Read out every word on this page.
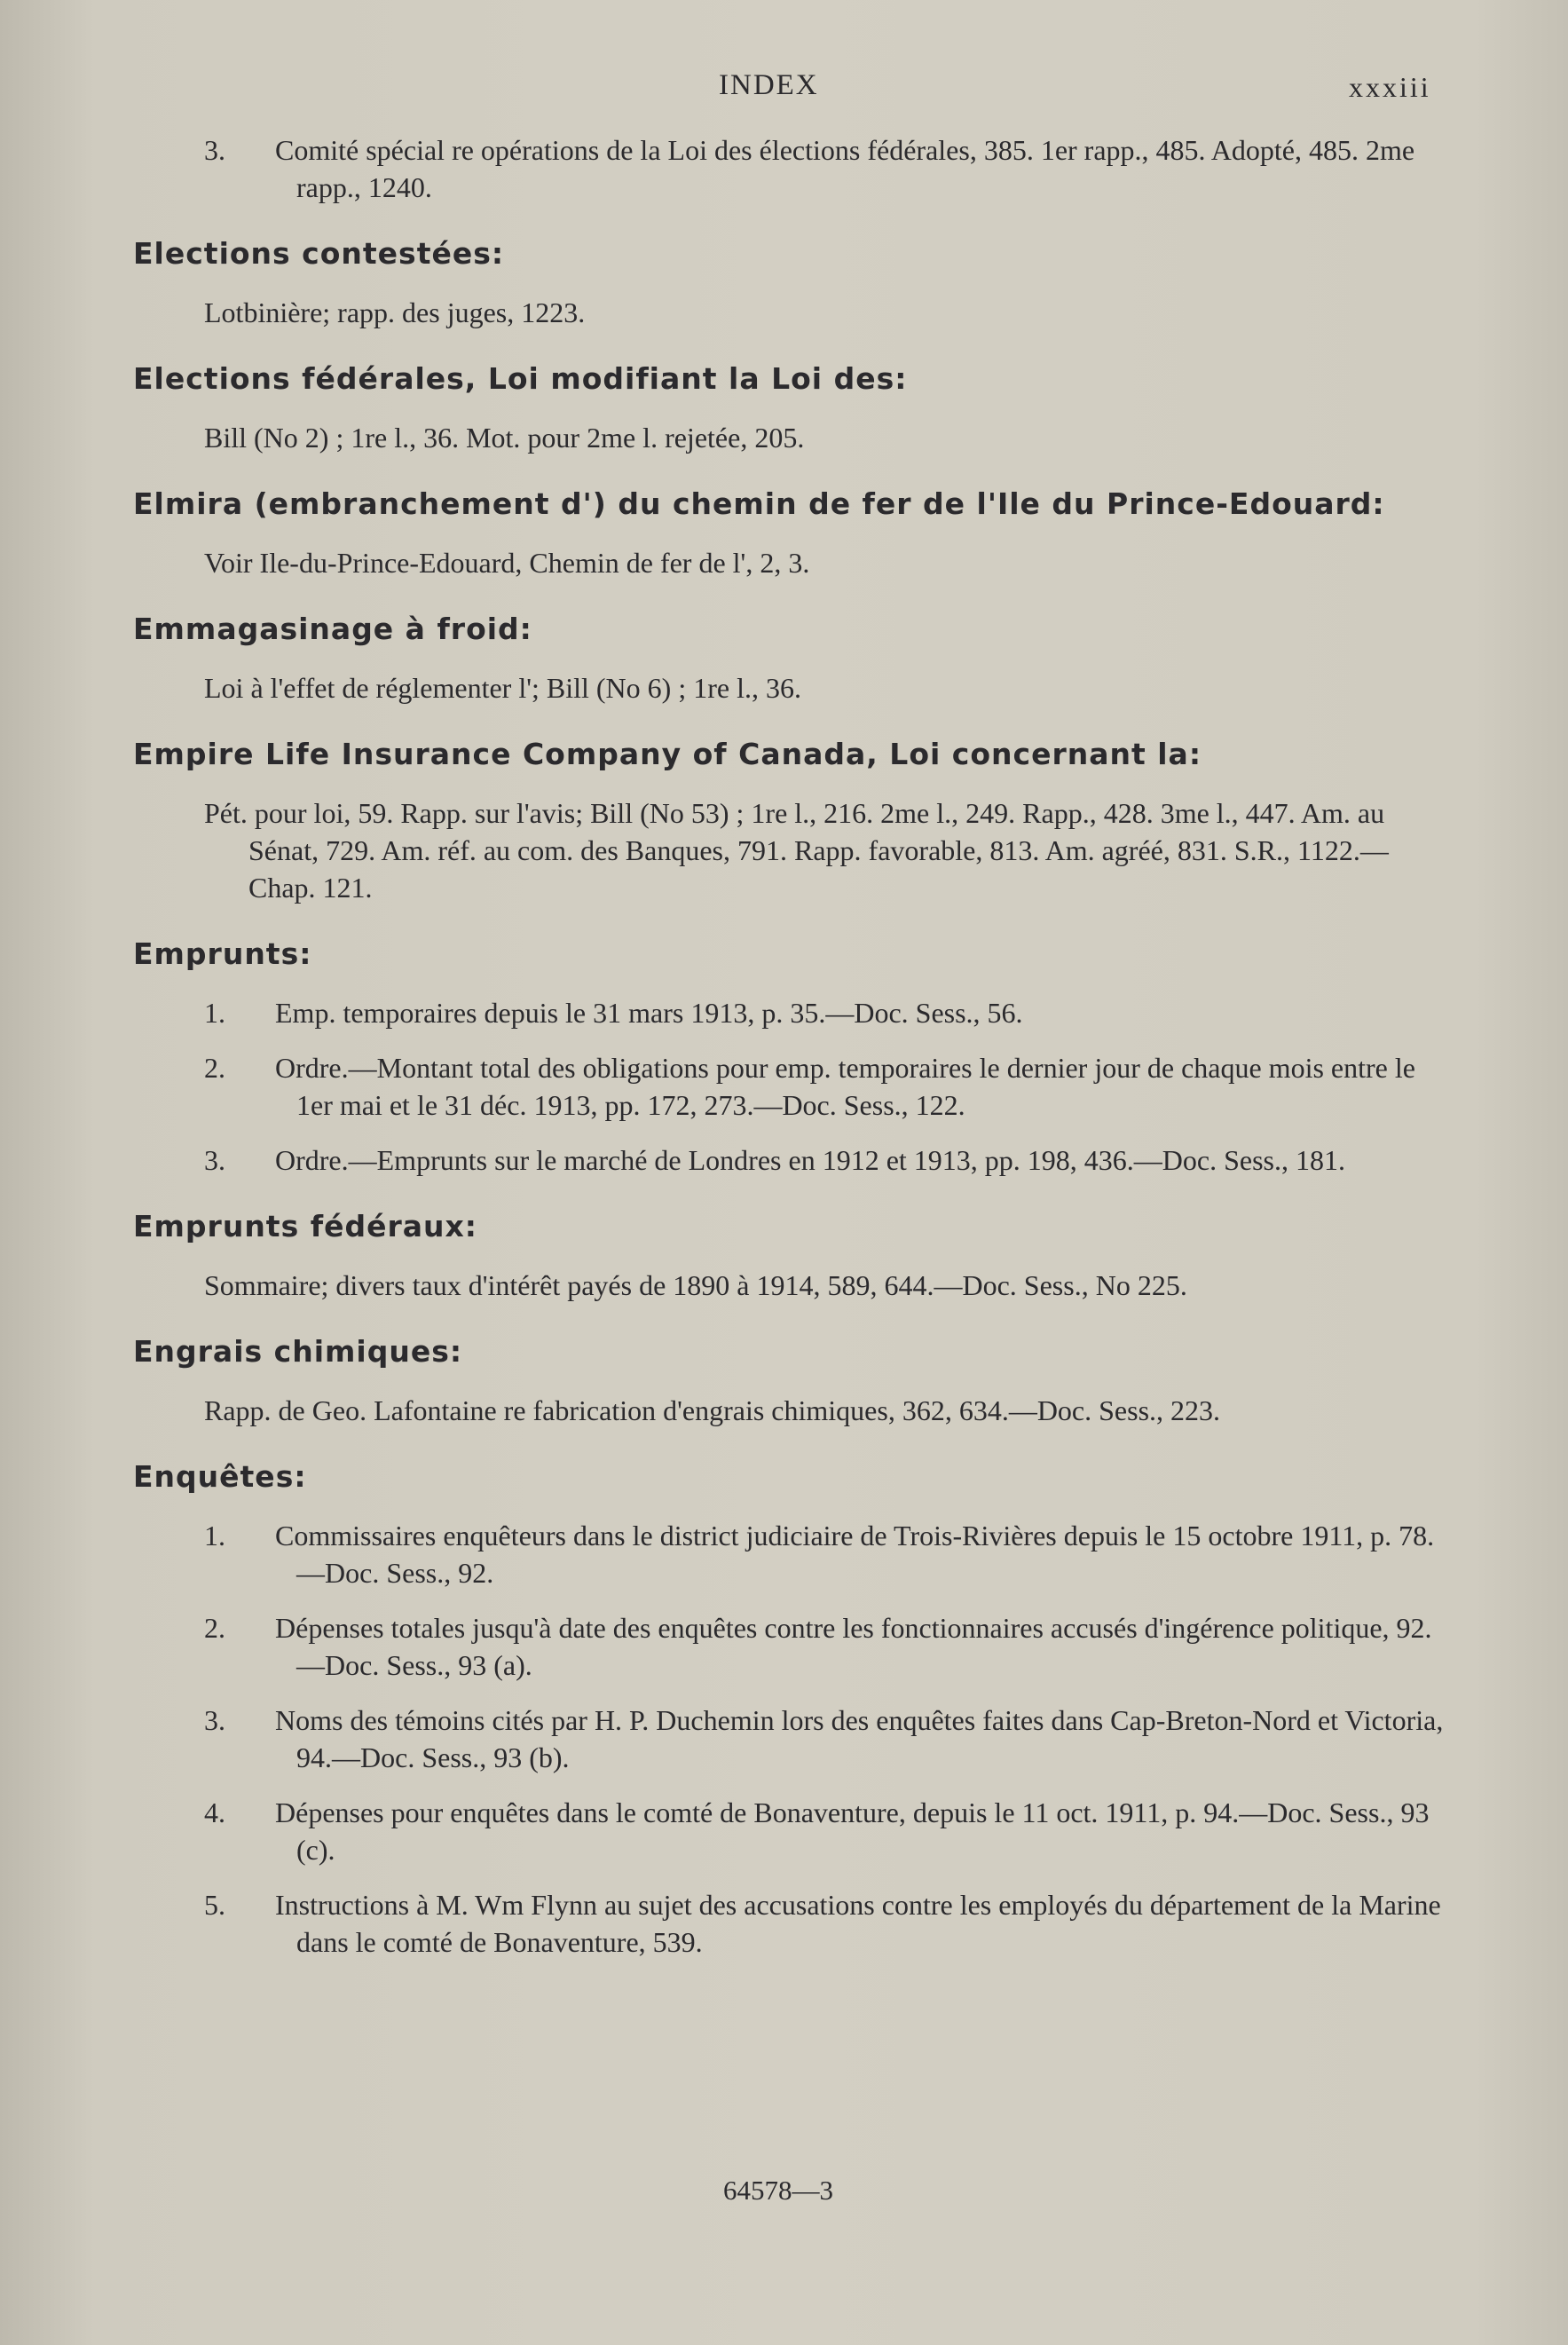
INDEX	xxxiii
3. Comité spécial re opérations de la Loi des élections fédérales, 385. 1er rapp., 485. Adopté, 485. 2me rapp., 1240.
Elections contestées:
Lotbinière; rapp. des juges, 1223.
Elections fédérales, Loi modifiant la Loi des:
Bill (No 2) ; 1re l., 36. Mot. pour 2me l. rejetée, 205.
Elmira (embranchement d') du chemin de fer de l'Ile du Prince-Edouard:
Voir Ile-du-Prince-Edouard, Chemin de fer de l', 2, 3.
Emmagasinage à froid:
Loi à l'effet de réglementer l'; Bill (No 6) ; 1re l., 36.
Empire Life Insurance Company of Canada, Loi concernant la:
Pét. pour loi, 59. Rapp. sur l'avis; Bill (No 53) ; 1re l., 216. 2me l., 249. Rapp., 428. 3me l., 447. Am. au Sénat, 729. Am. réf. au com. des Banques, 791. Rapp. favorable, 813. Am. agréé, 831. S.R., 1122.—Chap. 121.
Emprunts:
1. Emp. temporaires depuis le 31 mars 1913, p. 35.—Doc. Sess., 56.
2. Ordre.—Montant total des obligations pour emp. temporaires le dernier jour de chaque mois entre le 1er mai et le 31 déc. 1913, pp. 172, 273.—Doc. Sess., 122.
3. Ordre.—Emprunts sur le marché de Londres en 1912 et 1913, pp. 198, 436.—Doc. Sess., 181.
Emprunts fédéraux:
Sommaire; divers taux d'intérêt payés de 1890 à 1914, 589, 644.—Doc. Sess., No 225.
Engrais chimiques:
Rapp. de Geo. Lafontaine re fabrication d'engrais chimiques, 362, 634.—Doc. Sess., 223.
Enquêtes:
1. Commissaires enquêteurs dans le district judiciaire de Trois-Rivières depuis le 15 octobre 1911, p. 78.—Doc. Sess., 92.
2. Dépenses totales jusqu'à date des enquêtes contre les fonctionnaires accusés d'ingérence politique, 92.—Doc. Sess., 93 (a).
3. Noms des témoins cités par H. P. Duchemin lors des enquêtes faites dans Cap-Breton-Nord et Victoria, 94.—Doc. Sess., 93 (b).
4. Dépenses pour enquêtes dans le comté de Bonaventure, depuis le 11 oct. 1911, p. 94.—Doc. Sess., 93 (c).
5. Instructions à M. Wm Flynn au sujet des accusations contre les employés du département de la Marine dans le comté de Bonaventure, 539.
64578—3
